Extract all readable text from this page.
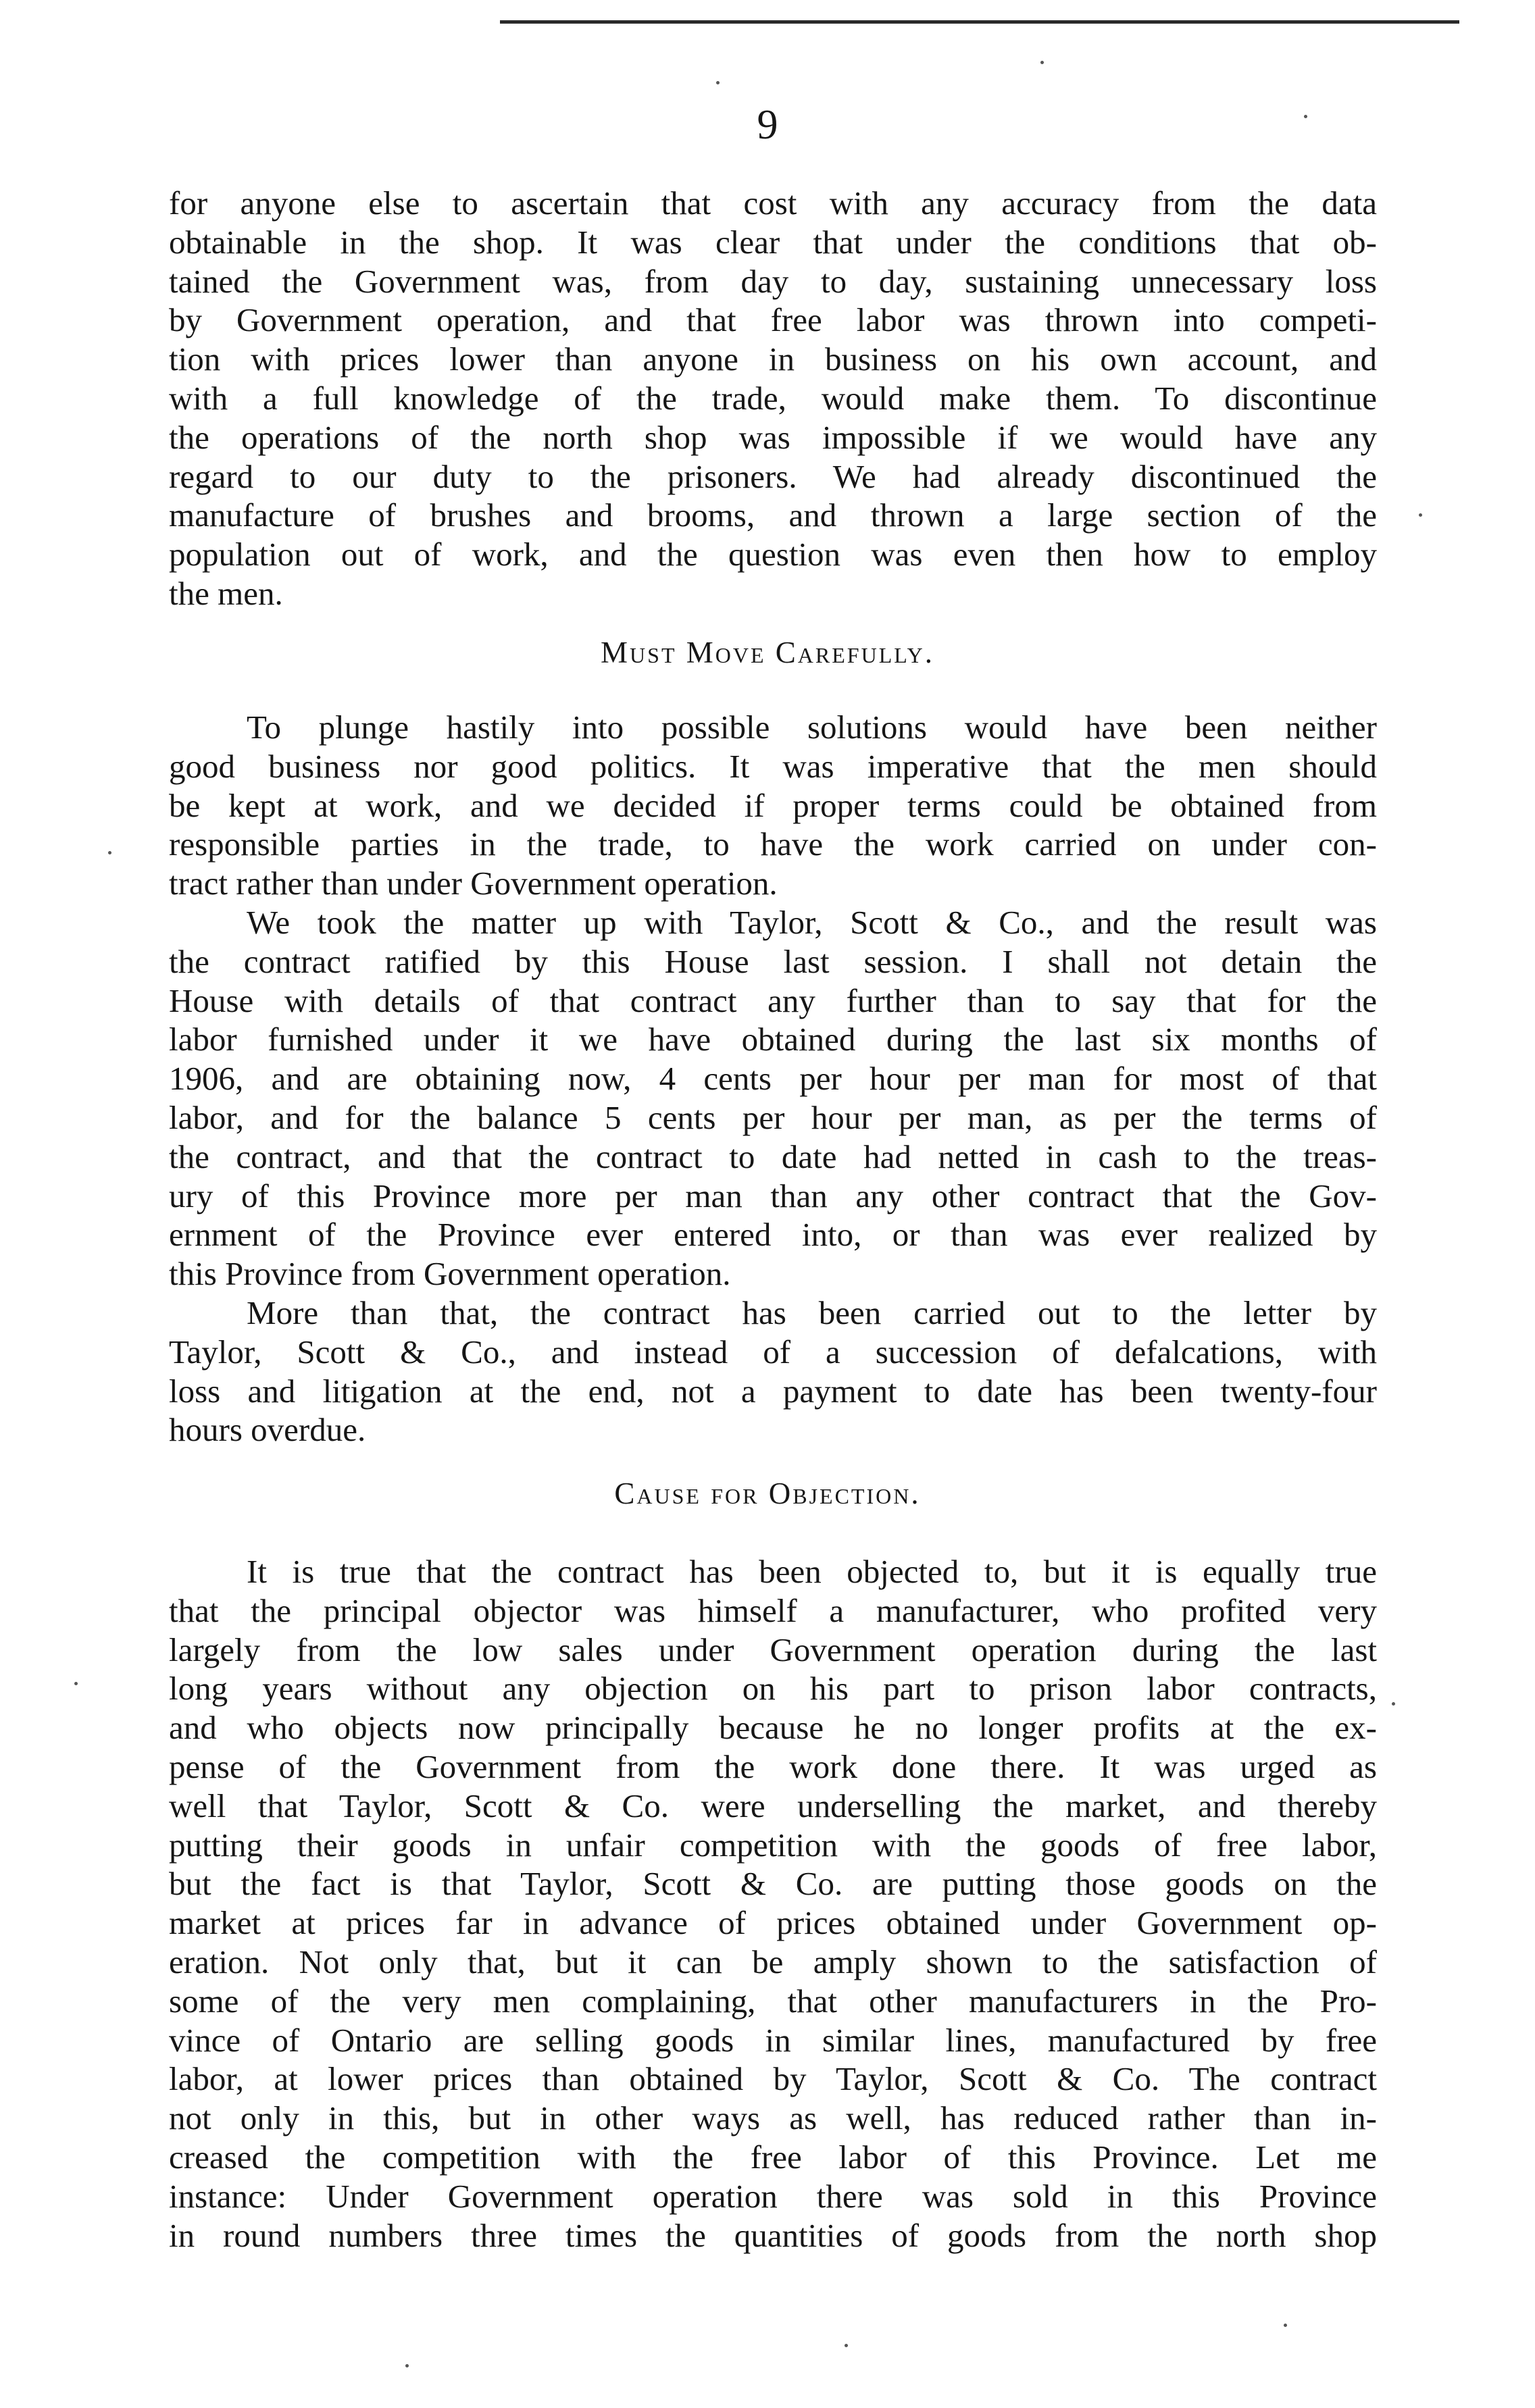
9

for anyone else to ascertain that cost with any accuracy from the data

obtainable in the shop. It was clear that under the conditions that ob-

tained the Government was, from day to day, sustaining unnecessary loss

by Government operation, and that free labor was thrown into competi-

tion with prices lower than anyone in business on his own account, and

with a full knowledge of the trade, would make them. To discontinue

the operations of the north shop was impossible if we would have any

regard to our duty to the prisoners. We had already discontinued the

manufacture of brushes and brooms, and thrown a large section of the

population out of work, and the question was even then how to employ

the men.

Must Move Carefully.

To plunge hastily into possible solutions would have been neither

good business nor good politics. It was imperative that the men should

be kept at work, and we decided if proper terms could be obtained from

responsible parties in the trade, to have the work carried on under con-

tract rather than under Government operation.

We took the matter up with Taylor, Scott & Co., and the result was

the contract ratified by this House last session. I shall not detain the

House with details of that contract any further than to say that for the

labor furnished under it we have obtained during the last six months of

1906, and are obtaining now, 4 cents per hour per man for most of that

labor, and for the balance 5 cents per hour per man, as per the terms of

the contract, and that the contract to date had netted in cash to the treas-

ury of this Province more per man than any other contract that the Gov-

ernment of the Province ever entered into, or than was ever realized by

this Province from Government operation.

More than that, the contract has been carried out to the letter by

Taylor, Scott & Co., and instead of a succession of defalcations, with

loss and litigation at the end, not a payment to date has been twenty-four

hours overdue.

Cause for Objection.

It is true that the contract has been objected to, but it is equally true

that the principal objector was himself a manufacturer, who profited very

largely from the low sales under Government operation during the last

long years without any objection on his part to prison labor contracts,

and who objects now principally because he no longer profits at the ex-

pense of the Government from the work done there. It was urged as

well that Taylor, Scott & Co. were underselling the market, and thereby

putting their goods in unfair competition with the goods of free labor,

but the fact is that Taylor, Scott & Co. are putting those goods on the

market at prices far in advance of prices obtained under Government op-

eration. Not only that, but it can be amply shown to the satisfaction of

some of the very men complaining, that other manufacturers in the Pro-

vince of Ontario are selling goods in similar lines, manufactured by free

labor, at lower prices than obtained by Taylor, Scott & Co. The contract

not only in this, but in other ways as well, has reduced rather than in-

creased the competition with the free labor of this Province. Let me

instance: Under Government operation there was sold in this Province

in round numbers three times the quantities of goods from the north shop
